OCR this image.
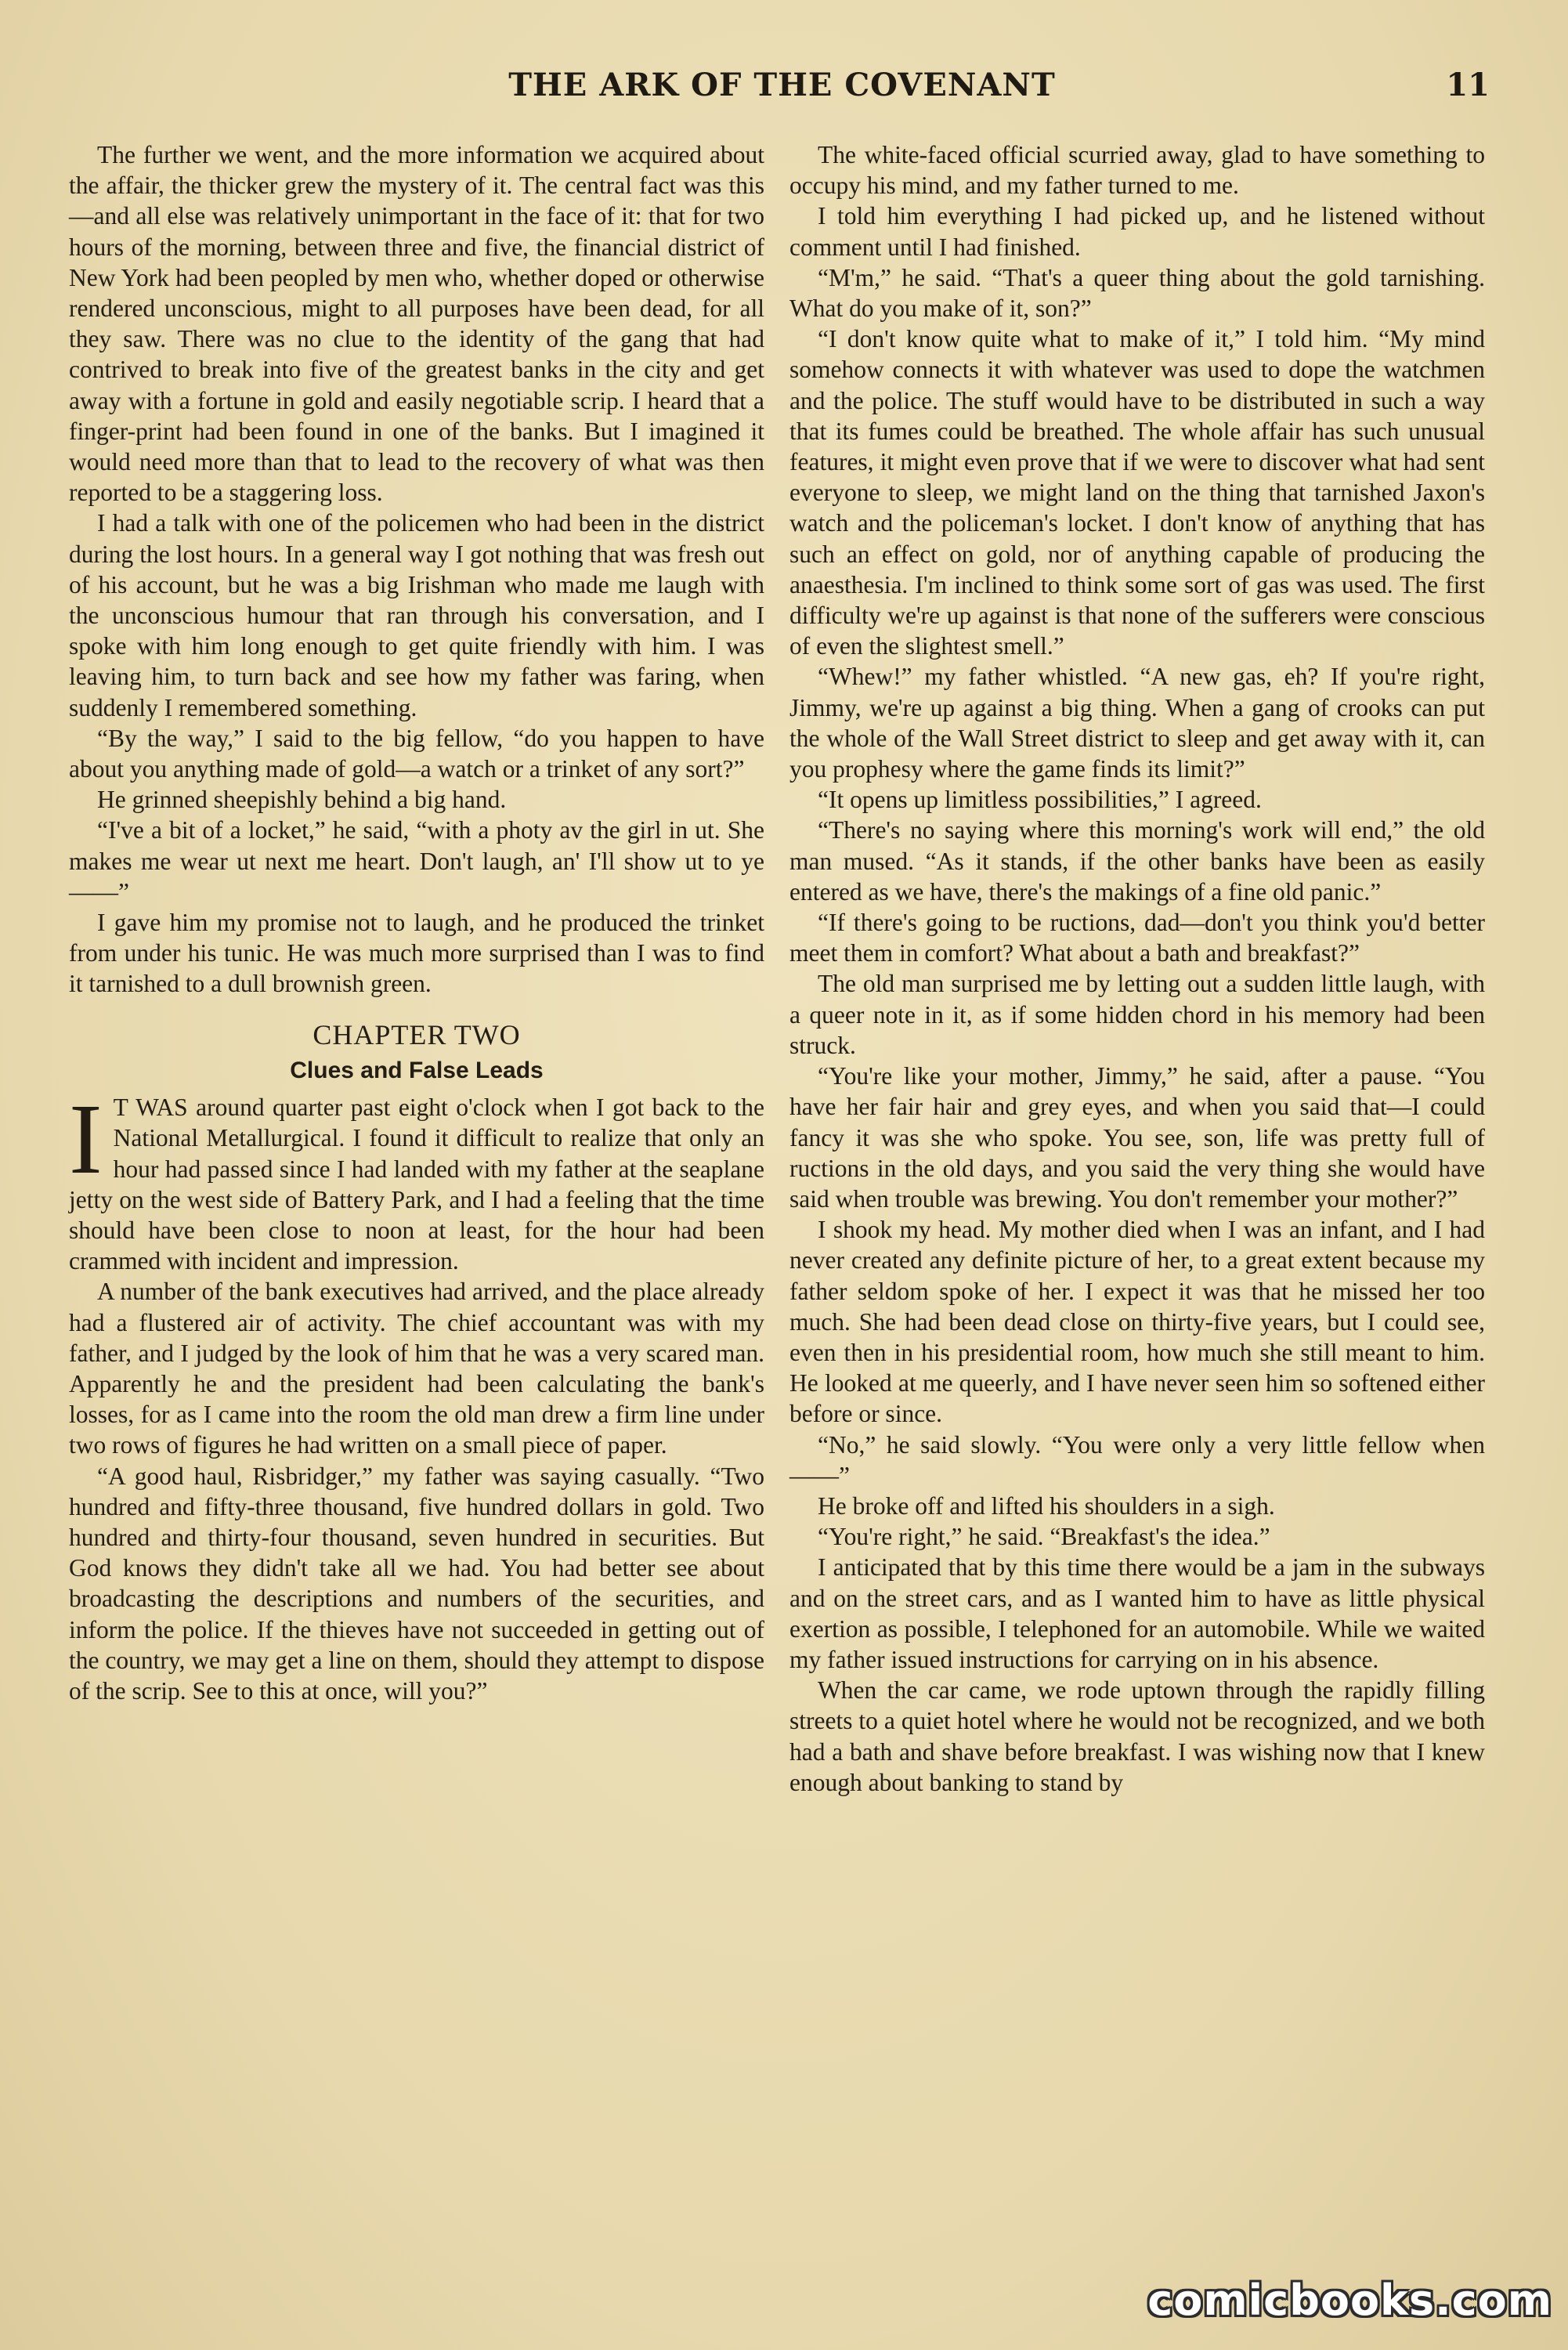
THE ARK OF THE COVENANT	11

The further we went, and the more information we acquired about the affair, the thicker grew the mystery of it. The central fact was this—and all else was relatively unimportant in the face of it: that for two hours of the morning, between three and five, the financial district of New York had been peopled by men who, whether doped or otherwise rendered unconscious, might to all purposes have been dead, for all they saw. There was no clue to the identity of the gang that had contrived to break into five of the greatest banks in the city and get away with a fortune in gold and easily negotiable scrip. I heard that a finger-print had been found in one of the banks. But I imagined it would need more than that to lead to the recovery of what was then reported to be a staggering loss.

I had a talk with one of the policemen who had been in the district during the lost hours. In a general way I got nothing that was fresh out of his account, but he was a big Irishman who made me laugh with the unconscious humour that ran through his conversation, and I spoke with him long enough to get quite friendly with him. I was leaving him, to turn back and see how my father was faring, when suddenly I remembered something.

“By the way,” I said to the big fellow, “do you happen to have about you anything made of gold—a watch or a trinket of any sort?”

He grinned sheepishly behind a big hand.

“I've a bit of a locket,” he said, “with a photy av the girl in ut. She makes me wear ut next me heart. Don't laugh, an' I'll show ut to ye——”

I gave him my promise not to laugh, and he produced the trinket from under his tunic. He was much more surprised than I was to find it tarnished to a dull brownish green.

CHAPTER TWO

Clues and False Leads

I T WAS around quarter past eight o'clock when I got back to the National Metallurgical. I found it difficult to realize that only an hour had passed since I had landed with my father at the seaplane jetty on the west side of Battery Park, and I had a feeling that the time should have been close to noon at least, for the hour had been crammed with incident and impression.

A number of the bank executives had arrived, and the place already had a flustered air of activity. The chief accountant was with my father, and I judged by the look of him that he was a very scared man. Apparently he and the president had been calculating the bank's losses, for as I came into the room the old man drew a firm line under two rows of figures he had written on a small piece of paper.

“A good haul, Risbridger,” my father was saying casually. “Two hundred and fifty-three thousand, five hundred dollars in gold. Two hundred and thirty-four thousand, seven hundred in securities. But God knows they didn't take all we had. You had better see about broadcasting the descriptions and numbers of the securities, and inform the police. If the thieves have not succeeded in getting out of the country, we may get a line on them, should they attempt to dispose of the scrip. See to this at once, will you?”

The white-faced official scurried away, glad to have something to occupy his mind, and my father turned to me.

I told him everything I had picked up, and he listened without comment until I had finished.

“M'm,” he said. “That's a queer thing about the gold tarnishing. What do you make of it, son?”

“I don't know quite what to make of it,” I told him. “My mind somehow connects it with whatever was used to dope the watchmen and the police. The stuff would have to be distributed in such a way that its fumes could be breathed. The whole affair has such unusual features, it might even prove that if we were to discover what had sent everyone to sleep, we might land on the thing that tarnished Jaxon's watch and the policeman's locket. I don't know of anything that has such an effect on gold, nor of anything capable of producing the anaesthesia. I'm inclined to think some sort of gas was used. The first difficulty we're up against is that none of the sufferers were conscious of even the slightest smell.”

“Whew!” my father whistled. “A new gas, eh? If you're right, Jimmy, we're up against a big thing. When a gang of crooks can put the whole of the Wall Street district to sleep and get away with it, can you prophesy where the game finds its limit?”

“It opens up limitless possibilities,” I agreed.

“There's no saying where this morning's work will end,” the old man mused. “As it stands, if the other banks have been as easily entered as we have, there's the makings of a fine old panic.”

“If there's going to be ructions, dad—don't you think you'd better meet them in comfort? What about a bath and breakfast?”

The old man surprised me by letting out a sudden little laugh, with a queer note in it, as if some hidden chord in his memory had been struck.

“You're like your mother, Jimmy,” he said, after a pause. “You have her fair hair and grey eyes, and when you said that—I could fancy it was she who spoke. You see, son, life was pretty full of ructions in the old days, and you said the very thing she would have said when trouble was brewing. You don't remember your mother?”

I shook my head. My mother died when I was an infant, and I had never created any definite picture of her, to a great extent because my father seldom spoke of her. I expect it was that he missed her too much. She had been dead close on thirty-five years, but I could see, even then in his presidential room, how much she still meant to him. He looked at me queerly, and I have never seen him so softened either before or since.

“No,” he said slowly. “You were only a very little fellow when——”

He broke off and lifted his shoulders in a sigh.

“You're right,” he said. “Breakfast's the idea.”

I anticipated that by this time there would be a jam in the subways and on the street cars, and as I wanted him to have as little physical exertion as possible, I telephoned for an automobile. While we waited my father issued instructions for carrying on in his absence.

When the car came, we rode uptown through the rapidly filling streets to a quiet hotel where he would not be recognized, and we both had a bath and shave before breakfast. I was wishing now that I knew enough about banking to stand by

comicbooks.com
